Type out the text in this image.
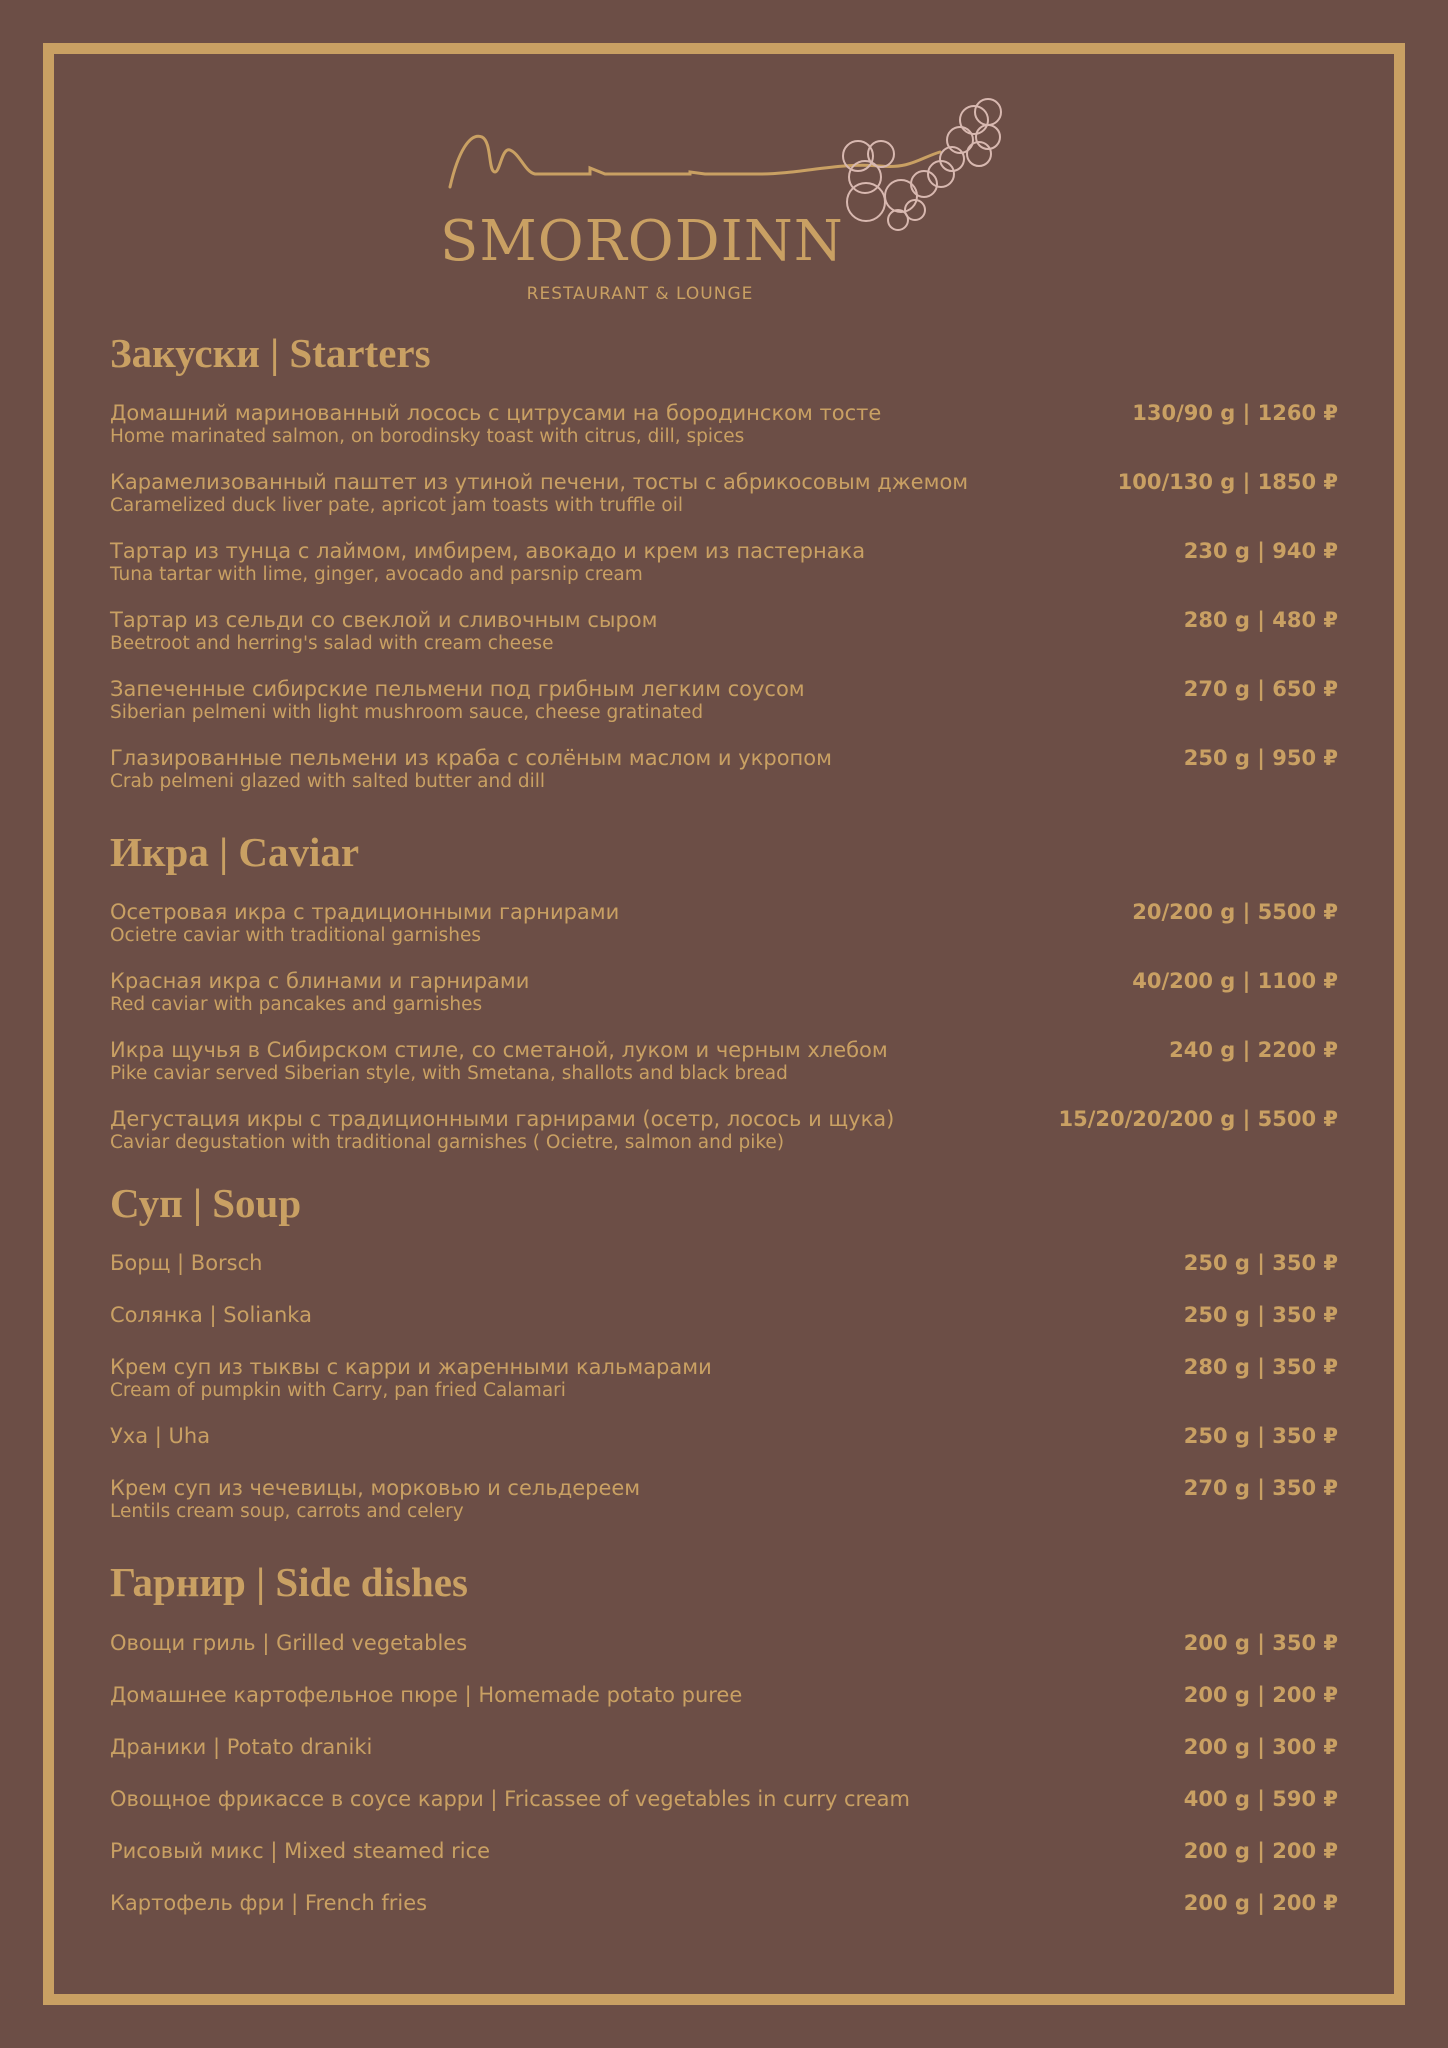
SMORODINN
RESTAURANT & LOUNGE
Закуски | Starters
Домашний маринованный лосось с цитрусами на бородинском тосте
Home marinated salmon, on borodinsky toast with citrus, dill, spices
130/90 g | 1260 ₽
Карамелизованный паштет из утиной печени, тосты с абрикосовым джемом
Caramelized duck liver pate, apricot jam toasts with truffle oil
100/130 g | 1850 ₽
Тартар из тунца с лаймом, имбирем, авокадо и крем из пастернака
Tuna tartar with lime, ginger, avocado and parsnip cream
230 g | 940 ₽
Тартар из сельди со свеклой и сливочным сыром
Beetroot and herring's salad with cream cheese
280 g | 480 ₽
Запеченные сибирские пельмени под грибным легким соусом
Siberian pelmeni with light mushroom sauce, cheese gratinated
270 g | 650 ₽
Глазированные пельмени из краба с солёным маслом и укропом
Crab pelmeni glazed with salted butter and dill
250 g | 950 ₽
Икра | Caviar
Осетровая икра с традиционными гарнирами
Ocietre caviar with traditional garnishes
20/200 g | 5500 ₽
Красная икра с блинами и гарнирами
Red caviar with pancakes and garnishes
40/200 g | 1100 ₽
Икра щучья в Сибирском стиле, со сметаной, луком и черным хлебом
Pike caviar served Siberian style, with Smetana, shallots and black bread
240 g | 2200 ₽
Дегустация икры с традиционными гарнирами (осетр, лосось и щука)
Caviar degustation with traditional garnishes ( Ocietre, salmon and pike)
15/20/20/200 g | 5500 ₽
Суп | Soup
Борщ | Borsch	250 g | 350 ₽
Солянка | Solianka	250 g | 350 ₽
Крем суп из тыквы с карри и жаренными кальмарами
Cream of pumpkin with Carry, pan fried Calamari
280 g | 350 ₽
Уха | Uha	250 g | 350 ₽
Крем суп из чечевицы, морковью и сельдереем
Lentils cream soup, carrots and celery
270 g | 350 ₽
Гарнир | Side dishes
Овощи гриль | Grilled vegetables	200 g | 350 ₽
Домашнее картофельное пюре | Homemade potato puree	200 g | 200 ₽
Драники | Potato draniki	200 g | 300 ₽
Овощное фрикассе в соусе карри | Fricassee of vegetables in curry cream	400 g | 590 ₽
Рисовый микс | Mixed steamed rice	200 g | 200 ₽
Картофель фри | French fries	200 g | 200 ₽
